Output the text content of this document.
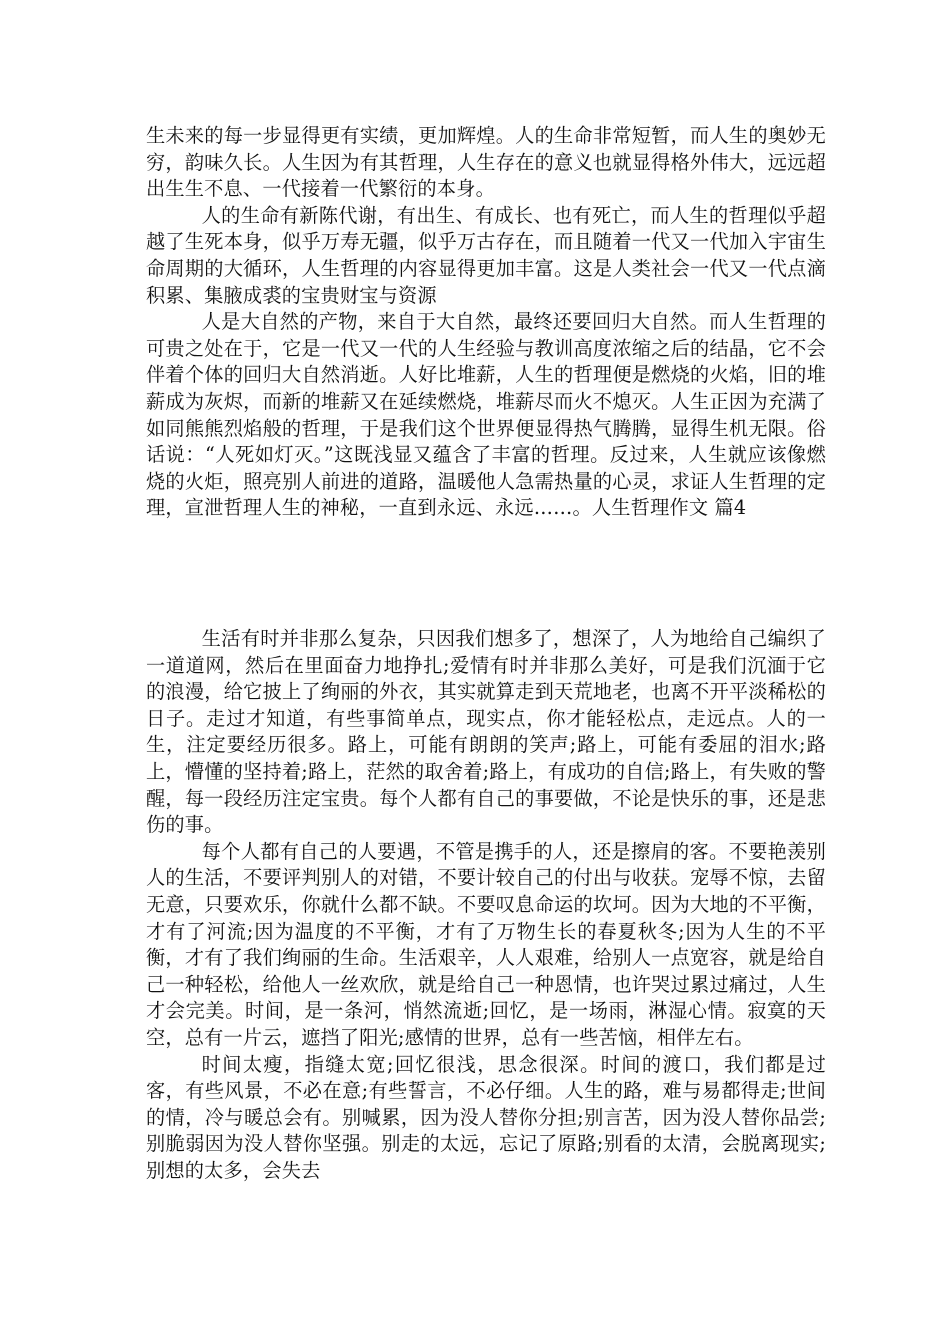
生未来的每一步显得更有实绩，更加辉煌。人的生命非常短暂，而人生的奥妙无穷，韵味久长。人生因为有其哲理，人生存在的意义也就显得格外伟大，远远超出生生不息、一代接着一代繁衍的本身。

人的生命有新陈代谢，有出生、有成长、也有死亡，而人生的哲理似乎超越了生死本身，似乎万寿无疆，似乎万古存在，而且随着一代又一代加入宇宙生命周期的大循环，人生哲理的内容显得更加丰富。这是人类社会一代又一代点滴积累、集腋成裘的宝贵财宝与资源

人是大自然的产物，来自于大自然，最终还要回归大自然。而人生哲理的可贵之处在于，它是一代又一代的人生经验与教训高度浓缩之后的结晶，它不会伴着个体的回归大自然消逝。人好比堆薪，人生的哲理便是燃烧的火焰，旧的堆薪成为灰烬，而新的堆薪又在延续燃烧，堆薪尽而火不熄灭。人生正因为充满了如同熊熊烈焰般的哲理，于是我们这个世界便显得热气腾腾，显得生机无限。俗话说：“人死如灯灭。”这既浅显又蕴含了丰富的哲理。反过来，人生就应该像燃烧的火炬，照亮别人前进的道路，温暖他人急需热量的心灵，求证人生哲理的定理，宣泄哲理人生的神秘，一直到永远、永远……。人生哲理作文 篇4

生活有时并非那么复杂，只因我们想多了，想深了，人为地给自己编织了一道道网，然后在里面奋力地挣扎;爱情有时并非那么美好，可是我们沉湎于它的浪漫，给它披上了绚丽的外衣，其实就算走到天荒地老，也离不开平淡稀松的日子。走过才知道，有些事简单点，现实点，你才能轻松点，走远点。人的一生，注定要经历很多。路上，可能有朗朗的笑声;路上，可能有委屈的泪水;路上，懵懂的坚持着;路上，茫然的取舍着;路上，有成功的自信;路上，有失败的警醒，每一段经历注定宝贵。每个人都有自己的事要做，不论是快乐的事，还是悲伤的事。

每个人都有自己的人要遇，不管是携手的人，还是擦肩的客。不要艳羡别人的生活，不要评判别人的对错，不要计较自己的付出与收获。宠辱不惊，去留无意，只要欢乐，你就什么都不缺。不要叹息命运的坎坷。因为大地的不平衡，才有了河流;因为温度的不平衡，才有了万物生长的春夏秋冬;因为人生的不平衡，才有了我们绚丽的生命。生活艰辛，人人艰难，给别人一点宽容，就是给自己一种轻松，给他人一丝欢欣，就是给自己一种恩情，也许哭过累过痛过，人生才会完美。时间，是一条河，悄然流逝;回忆，是一场雨，淋湿心情。寂寞的天空，总有一片云，遮挡了阳光;感情的世界，总有一些苦恼，相伴左右。

时间太瘦，指缝太宽;回忆很浅，思念很深。时间的渡口，我们都是过客，有些风景，不必在意;有些誓言，不必仔细。人生的路，难与易都得走;世间的情，冷与暖总会有。别喊累，因为没人替你分担;别言苦，因为没人替你品尝;别脆弱因为没人替你坚强。别走的太远，忘记了原路;别看的太清，会脱离现实;别想的太多，会失去
